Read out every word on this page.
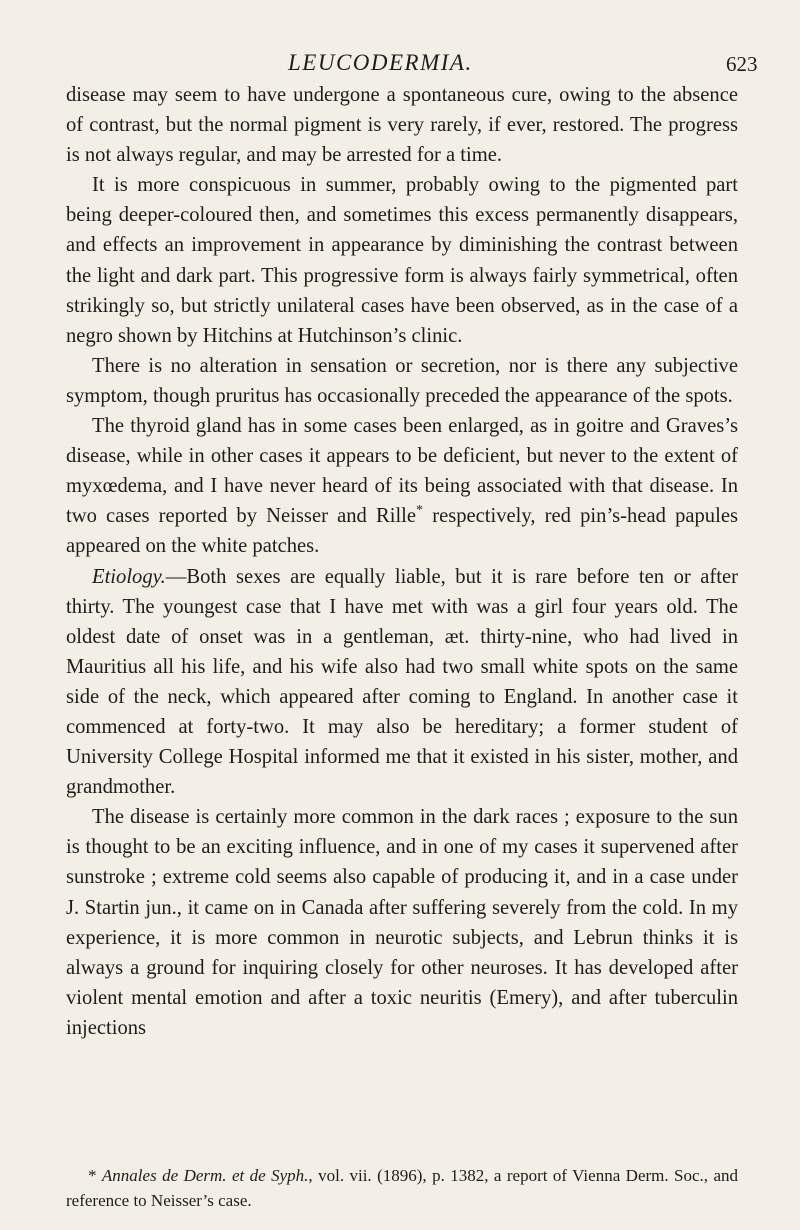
LEUCODERMIA.	623

disease may seem to have undergone a spontaneous cure, owing to the absence of contrast, but the normal pigment is very rarely, if ever, restored. The progress is not always regular, and may be arrested for a time.

It is more conspicuous in summer, probably owing to the pigmented part being deeper-coloured then, and sometimes this excess permanently disappears, and effects an improvement in appearance by diminishing the contrast between the light and dark part. This progressive form is always fairly symmetrical, often strikingly so, but strictly unilateral cases have been observed, as in the case of a negro shown by Hitchins at Hutchinson’s clinic.

There is no alteration in sensation or secretion, nor is there any subjective symptom, though pruritus has occasionally preceded the appearance of the spots.

The thyroid gland has in some cases been enlarged, as in goitre and Graves’s disease, while in other cases it appears to be deficient, but never to the extent of myxœdema, and I have never heard of its being associated with that disease. In two cases reported by Neisser and Rille* respectively, red pin’s-head papules appeared on the white patches.

Etiology.—Both sexes are equally liable, but it is rare before ten or after thirty. The youngest case that I have met with was a girl four years old. The oldest date of onset was in a gentleman, æt. thirty-nine, who had lived in Mauritius all his life, and his wife also had two small white spots on the same side of the neck, which appeared after coming to England. In another case it commenced at forty-two. It may also be hereditary; a former student of University College Hospital informed me that it existed in his sister, mother, and grandmother.

The disease is certainly more common in the dark races ; exposure to the sun is thought to be an exciting influence, and in one of my cases it supervened after sunstroke ; extreme cold seems also capable of producing it, and in a case under J. Startin jun., it came on in Canada after suffering severely from the cold. In my experience, it is more common in neurotic subjects, and Lebrun thinks it is always a ground for inquiring closely for other neuroses. It has developed after violent mental emotion and after a toxic neuritis (Emery), and after tuberculin injections

* Annales de Derm. et de Syph., vol. vii. (1896), p. 1382, a report of Vienna Derm. Soc., and reference to Neisser’s case.
